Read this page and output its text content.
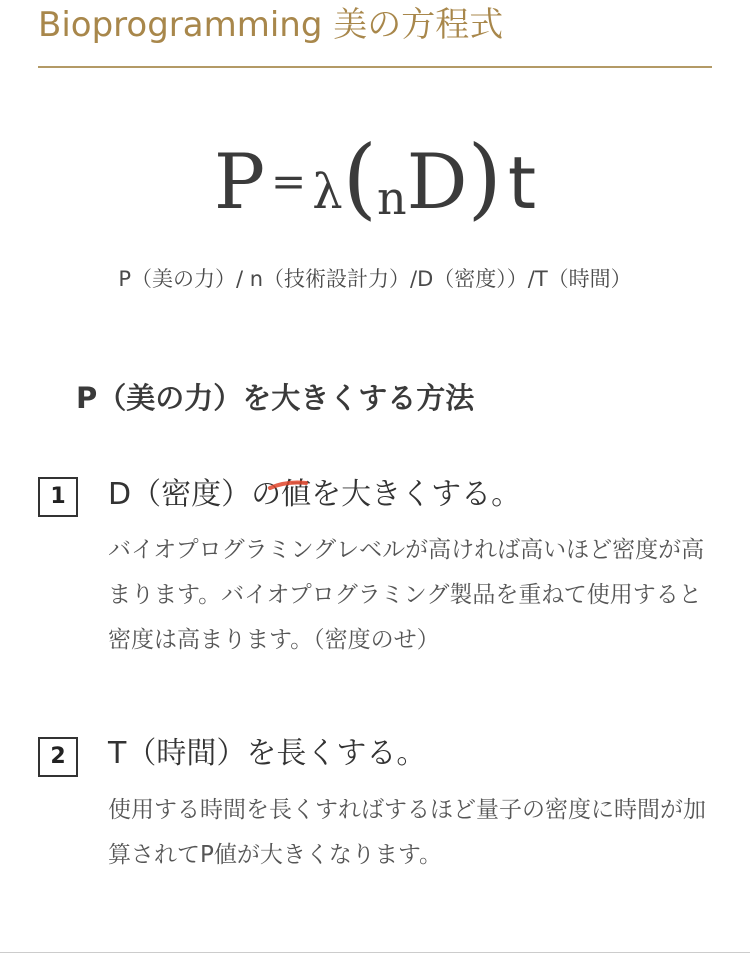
Bioprogramming 美の方程式
P = λ(nD)t

P（美の力）/ n（技術設計力）/D（密度））/T（時間）

P（美の力）を大きくする方法
1	D（密度）の値を大きくする。

バイオプログラミングレベルが高ければ高いほど密度が高まります。バイオプログラミング製品を重ねて使用すると密度は高まります。（密度のせ）

2	T（時間）を長くする。

使用する時間を長くすればするほど量子の密度に時間が加算されてP値が大きくなります。
